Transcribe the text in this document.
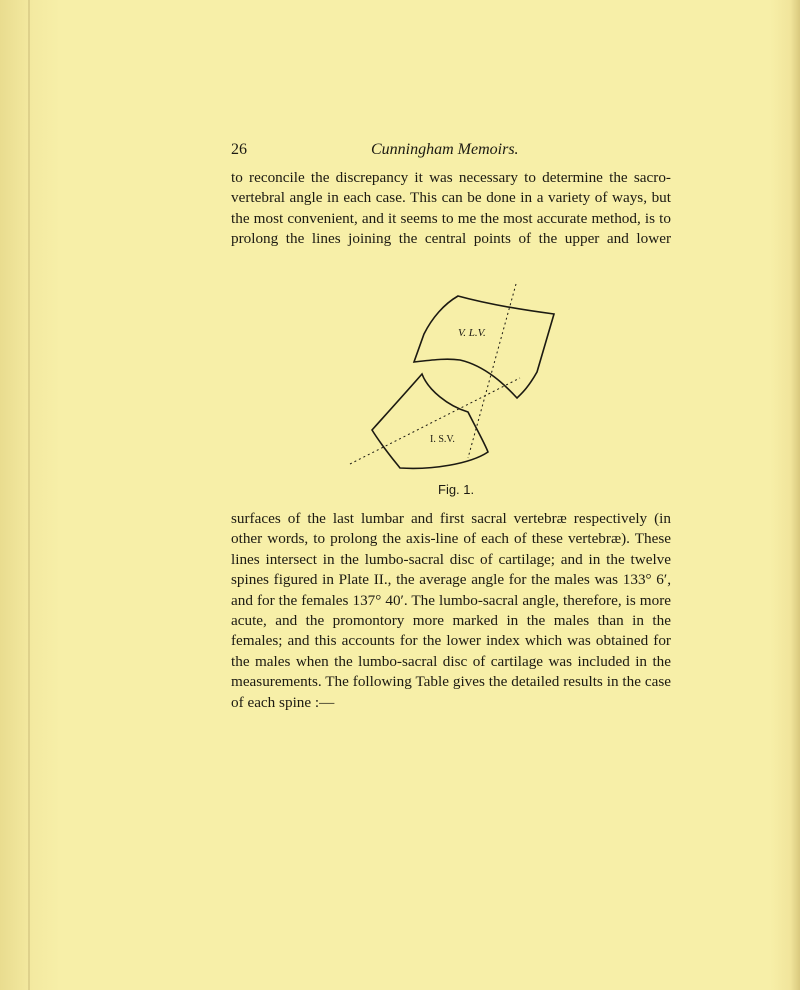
26	Cunningham Memoirs.

to reconcile the discrepancy it was necessary to determine the sacro-vertebral angle in each case. This can be done in a variety of ways, but the most convenient, and it seems to me the most accurate method, is to prolong the lines joining the central points of the upper and lower

V. L.V.
I. S.V.
Fig. 1.

surfaces of the last lumbar and first sacral vertebræ respectively (in other words, to prolong the axis-line of each of these vertebræ). These lines intersect in the lumbo-sacral disc of cartilage; and in the twelve spines figured in Plate II., the average angle for the males was 133° 6′, and for the females 137° 40′. The lumbo-sacral angle, therefore, is more acute, and the promontory more marked in the males than in the females; and this accounts for the lower index which was obtained for the males when the lumbo-sacral disc of cartilage was included in the measurements. The following Table gives the detailed results in the case of each spine :—
